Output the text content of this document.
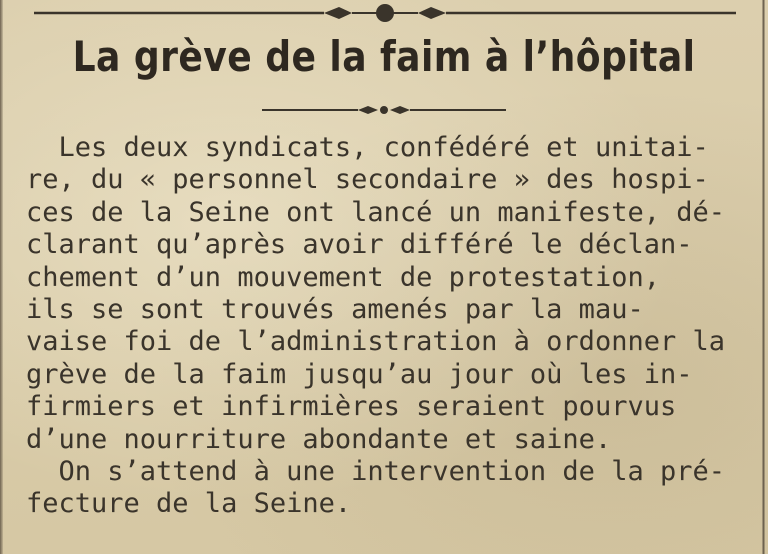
La grève de la faim à l’hôpital
Les deux syndicats, confédéré et unitai-
re, du « personnel secondaire » des hospi-
ces de la Seine ont lancé un manifeste, dé-
clarant qu’après avoir différé le déclan-
chement d’un mouvement de protestation,
ils se sont trouvés amenés par la mau-
vaise foi de l’administration à ordonner la
grève de la faim jusqu’au jour où les in-
firmiers et infirmières seraient pourvus
d’une nourriture abondante et saine.
On s’attend à une intervention de la pré-
fecture de la Seine.
